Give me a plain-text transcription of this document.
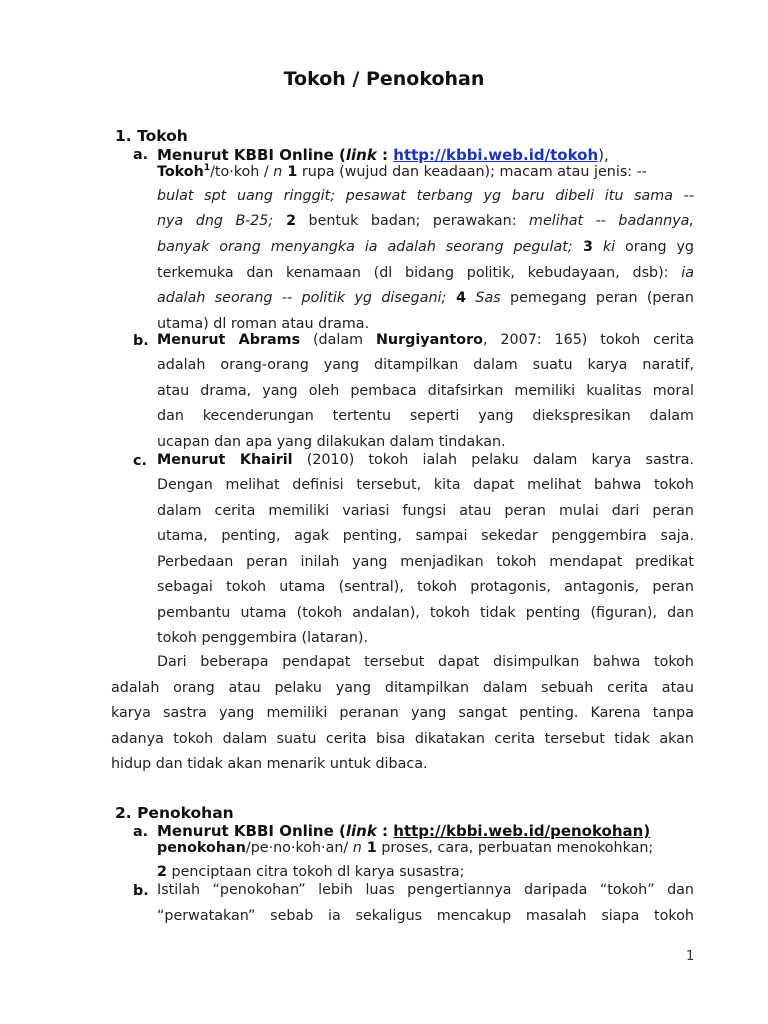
Tokoh / Penokohan
1. Tokoh
a. Menurut KBBI Online (link : http://kbbi.web.id/tokoh),
Tokoh$^1$/to·koh / n 1 rupa (wujud dan keadaan); macam atau jenis: --
bulat spt uang ringgit; pesawat terbang yg baru dibeli itu sama --
nya dng B-25; 2 bentuk badan; perawakan: melihat -- badannya,
banyak orang menyangka ia adalah seorang pegulat; 3 ki orang yg
terkemuka dan kenamaan (dl bidang politik, kebudayaan, dsb): ia
adalah seorang -- politik yg disegani; 4 Sas pemegang peran (peran
utama) dl roman atau drama.
b. Menurut Abrams (dalam Nurgiyantoro, 2007: 165) tokoh cerita
adalah orang-orang yang ditampilkan dalam suatu karya naratif,
atau drama, yang oleh pembaca ditafsirkan memiliki kualitas moral
dan kecenderungan tertentu seperti yang diekspresikan dalam
ucapan dan apa yang dilakukan dalam tindakan.
c. Menurut Khairil (2010) tokoh ialah pelaku dalam karya sastra.
Dengan melihat definisi tersebut, kita dapat melihat bahwa tokoh
dalam cerita memiliki variasi fungsi atau peran mulai dari peran
utama, penting, agak penting, sampai sekedar penggembira saja.
Perbedaan peran inilah yang menjadikan tokoh mendapat predikat
sebagai tokoh utama (sentral), tokoh protagonis, antagonis, peran
pembantu utama (tokoh andalan), tokoh tidak penting (figuran), dan
tokoh penggembira (lataran).
Dari beberapa pendapat tersebut dapat disimpulkan bahwa tokoh
adalah orang atau pelaku yang ditampilkan dalam sebuah cerita atau
karya sastra yang memiliki peranan yang sangat penting. Karena tanpa
adanya tokoh dalam suatu cerita bisa dikatakan cerita tersebut tidak akan
hidup dan tidak akan menarik untuk dibaca.
2. Penokohan
a. Menurut KBBI Online (link : http://kbbi.web.id/penokohan)
penokohan/pe·no·koh·an/ n 1 proses, cara, perbuatan menokohkan;
2 penciptaan citra tokoh dl karya susastra;
b. Istilah “penokohan” lebih luas pengertiannya daripada “tokoh” dan
“perwatakan” sebab ia sekaligus mencakup masalah siapa tokoh
1
